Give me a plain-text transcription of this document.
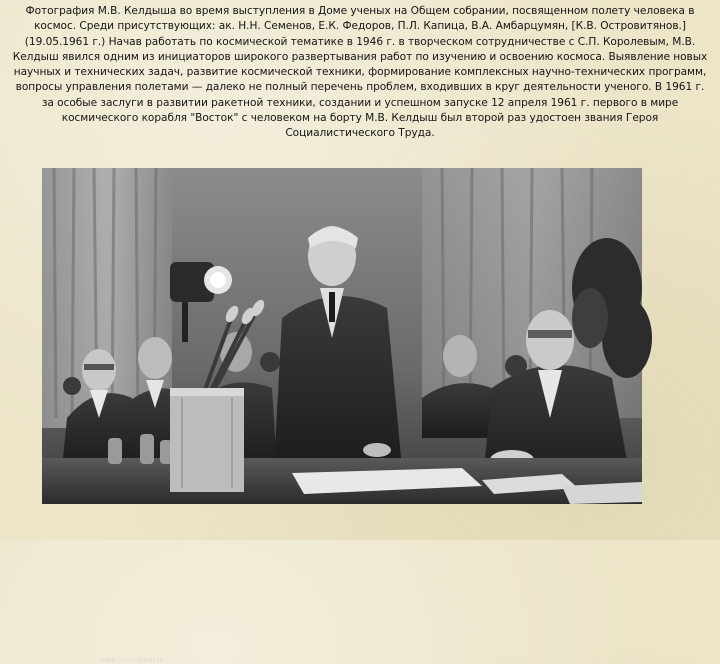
Фотография М.В. Келдыша во время выступления в Доме ученых на Общем собрании, посвященном полету человека в космос. Среди присутствующих: ак. Н.Н. Семенов, Е.К. Федоров, П.Л. Капица, В.А. Амбарцумян, [К.В. Островитянов.] (19.05.1961 г.) Начав работать по космической тематике в 1946 г. в творческом сотрудничестве с С.П. Королевым, М.В. Келдыш явился одним из инициаторов широкого развертывания работ по изучению и освоению космоса. Выявление новых научных и технических задач, развитие космической техники, формирование комплексных научно-технических программ, вопросы управления полетами — далеко не полный перечень проблем, входивших в круг деятельности ученого. В 1961 г. за особые заслуги в развитии ракетной техники, создании и успешном запуске 12 апреля 1961 г. первого в мире космического корабля "Восток" с человеком на борту М.В. Келдыш был второй раз удостоен звания Героя Социалистического Труда.
www.ras.ru/keldysh
